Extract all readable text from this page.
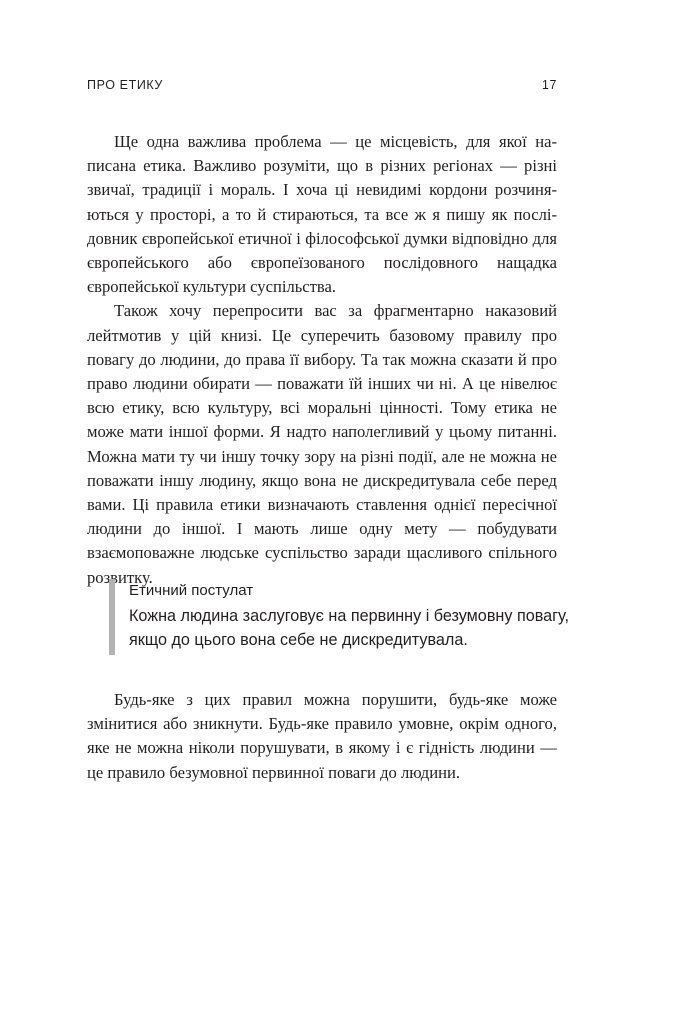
ПРО ЕТИКУ	17

Ще одна важлива проблема — це місцевість, для якої написана етика. Важливо розуміти, що в різних регіонах — різні звичаї, традиції і мораль. І хоча ці невидимі кордони розчиняються у просторі, а то й стираються, та все ж я пишу як послідовник європейської етичної і філософської думки відповідно для європейського або європеїзованого послідовного нащадка європейської культури суспільства.

Також хочу перепросити вас за фрагментарно наказовий лейтмотив у цій книзі. Це суперечить базовому правилу про повагу до людини, до права її вибору. Та так можна сказати й про право людини обирати — поважати їй інших чи ні. А це нівелює всю етику, всю культуру, всі моральні цінності. Тому етика не може мати іншої форми. Я надто наполегливий у цьому питанні. Можна мати ту чи іншу точку зору на різні події, але не можна не поважати іншу людину, якщо вона не дискредитувала себе перед вами. Ці правила етики визначають ставлення однієї пересічної людини до іншої. І мають лише одну мету — побудувати взаємоповажне людське суспільство заради щасливого спільного розвитку.

Етичний постулат
Кожна людина заслуговує на первинну і безумовну повагу, якщо до цього вона себе не дискредитувала.

Будь-яке з цих правил можна порушити, будь-яке може змінитися або зникнути. Будь-яке правило умовне, окрім одного, яке не можна ніколи порушувати, в якому і є гідність людини — це правило безумовної первинної поваги до людини.
